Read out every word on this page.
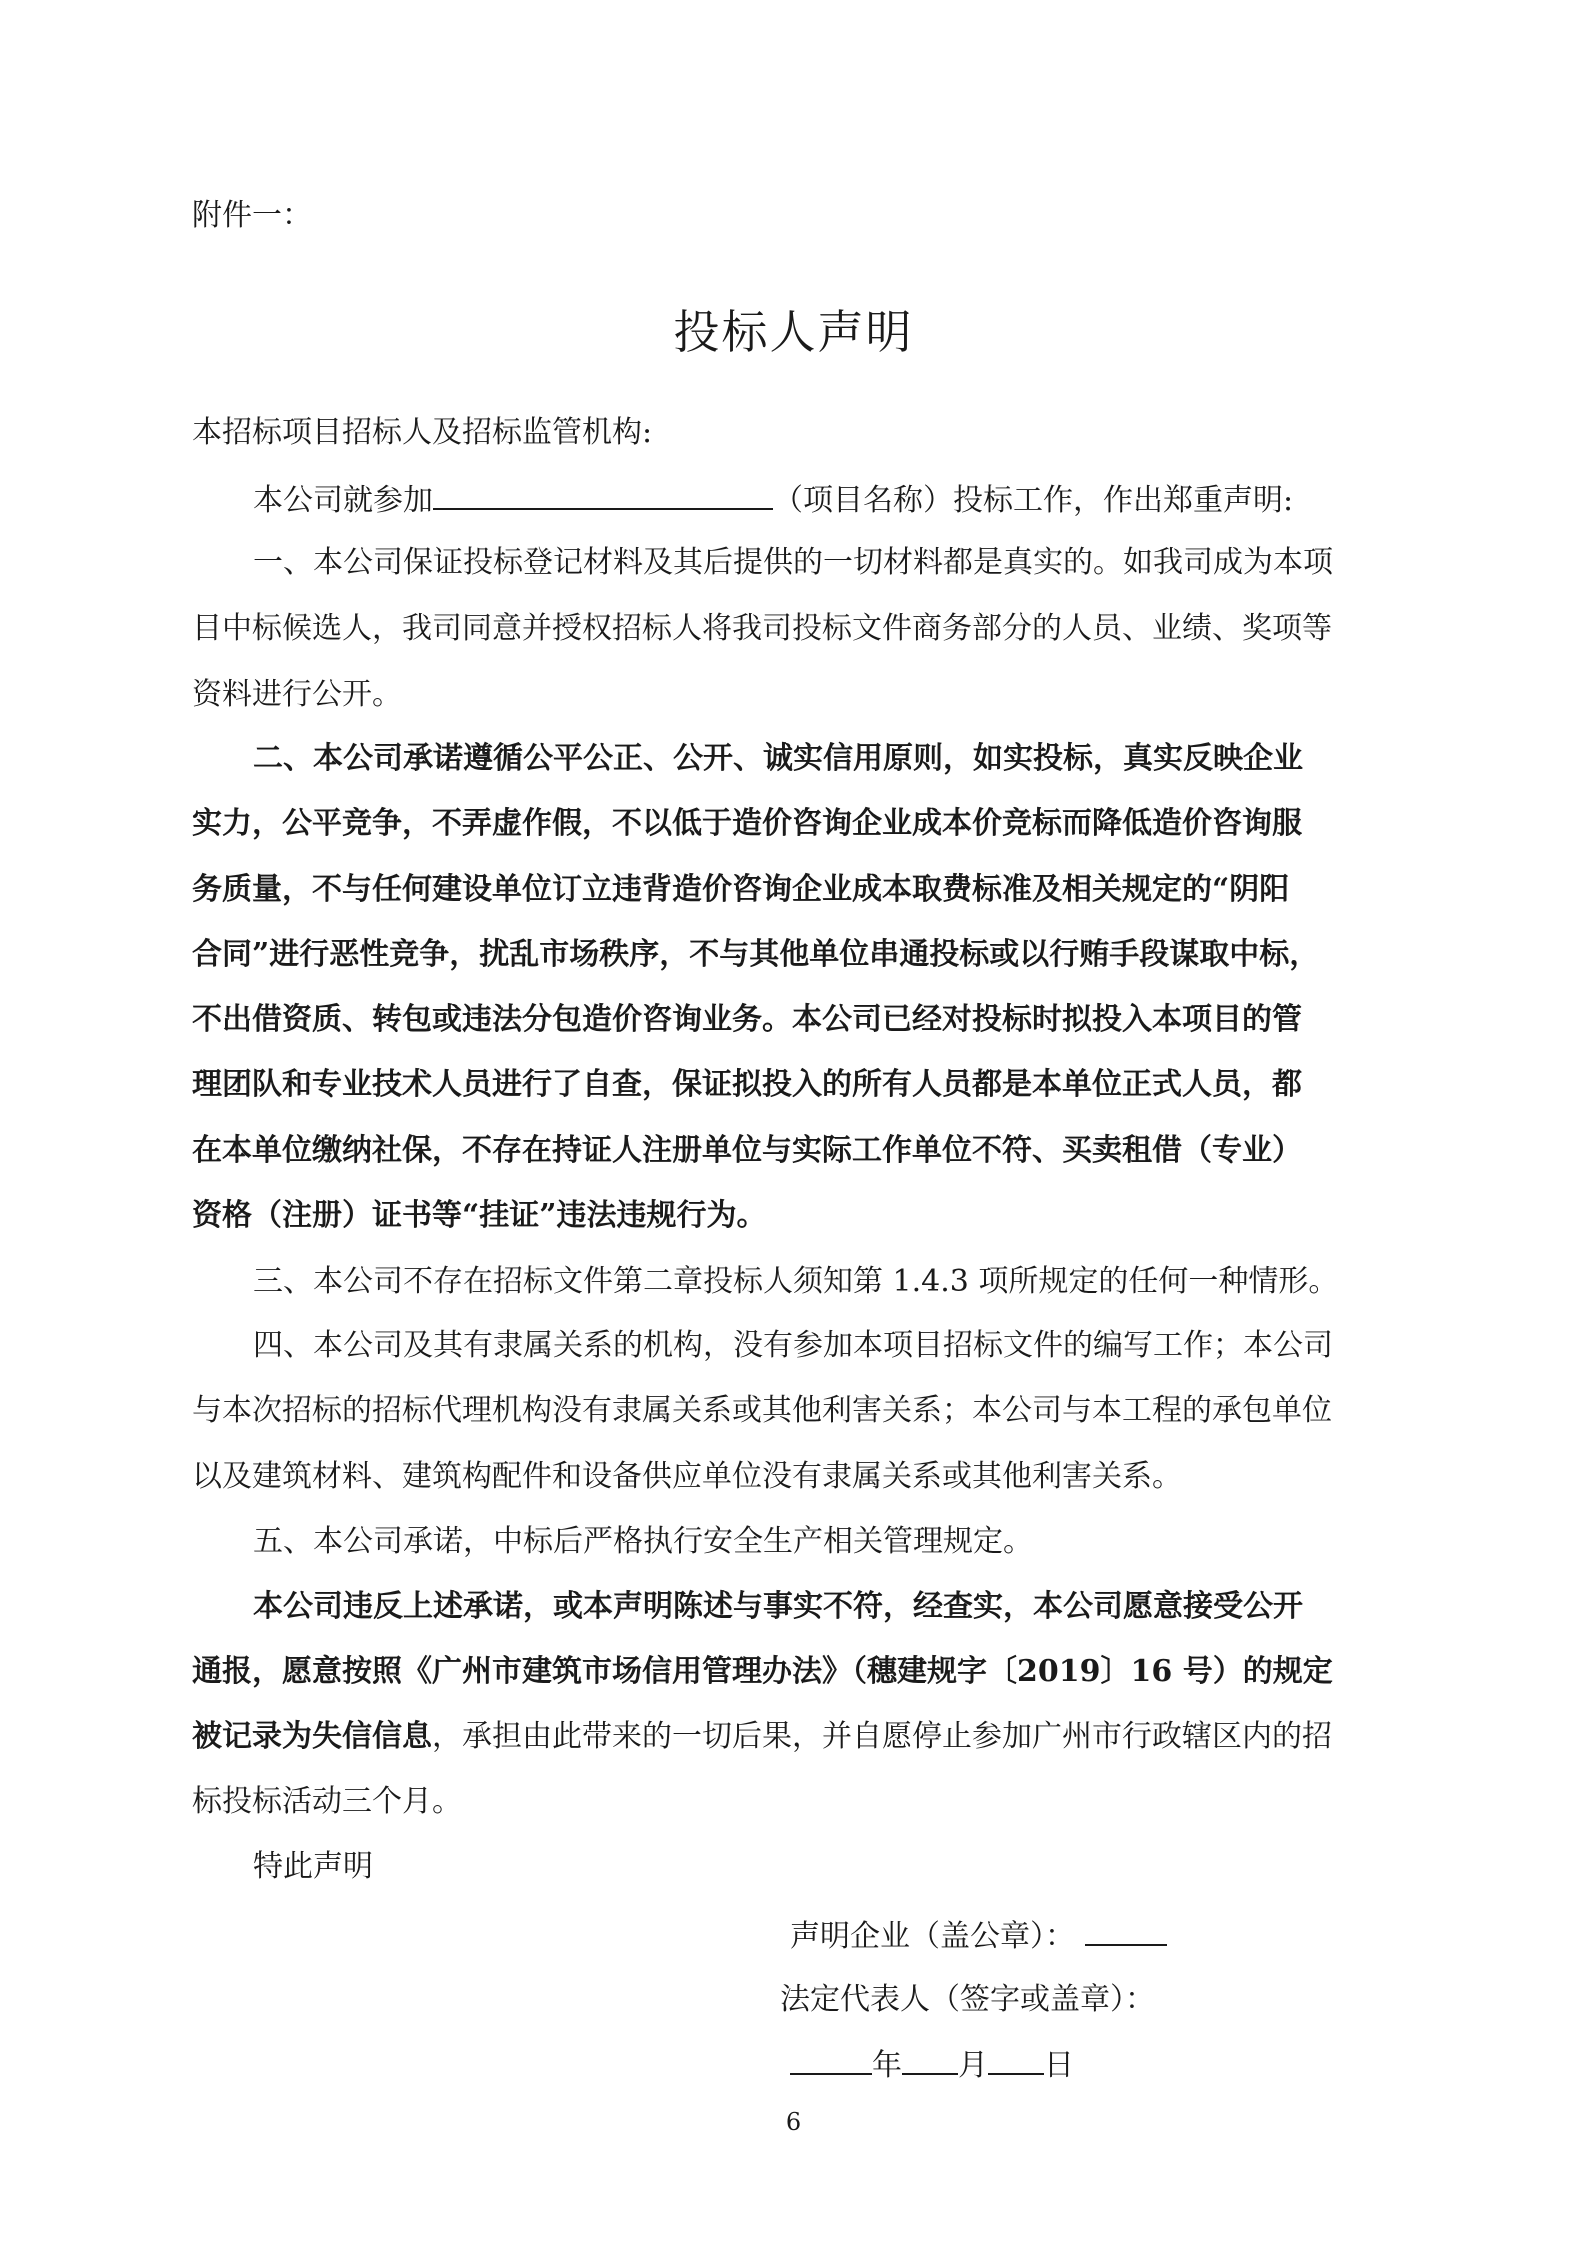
附件一：
投标人声明
本招标项目招标人及招标监管机构:
本公司就参加	（项目名称）投标工作，作出郑重声明:
一、本公司保证投标登记材料及其后提供的一切材料都是真实的。如我司成为本项
目中标候选人，我司同意并授权招标人将我司投标文件商务部分的人员、业绩、奖项等
资料进行公开。
二、本公司承诺遵循公平公正、公开、诚实信用原则，如实投标，真实反映企业
实力，公平竞争，不弄虚作假，不以低于造价咨询企业成本价竞标而降低造价咨询服
务质量，不与任何建设单位订立违背造价咨询企业成本取费标准及相关规定的“阴阳
合同”进行恶性竞争，扰乱市场秩序，不与其他单位串通投标或以行贿手段谋取中标，
不出借资质、转包或违法分包造价咨询业务。本公司已经对投标时拟投入本项目的管
理团队和专业技术人员进行了自查，保证拟投入的所有人员都是本单位正式人员，都
在本单位缴纳社保，不存在持证人注册单位与实际工作单位不符、买卖租借（专业）
资格（注册）证书等“挂证”违法违规行为。
三、本公司不存在招标文件第二章投标人须知第 1.4.3 项所规定的任何一种情形。
四、本公司及其有隶属关系的机构，没有参加本项目招标文件的编写工作；本公司
与本次招标的招标代理机构没有隶属关系或其他利害关系；本公司与本工程的承包单位
以及建筑材料、建筑构配件和设备供应单位没有隶属关系或其他利害关系。
五、本公司承诺，中标后严格执行安全生产相关管理规定。
本公司违反上述承诺，或本声明陈述与事实不符，经查实，本公司愿意接受公开
通报，愿意按照《广州市建筑市场信用管理办法》（穗建规字〔2019〕16 号）的规定
被记录为失信信息，承担由此带来的一切后果，并自愿停止参加广州市行政辖区内的招
标投标活动三个月。
特此声明
声明企业（盖公章）：
法定代表人（签字或盖章）：
年 月 日
6
